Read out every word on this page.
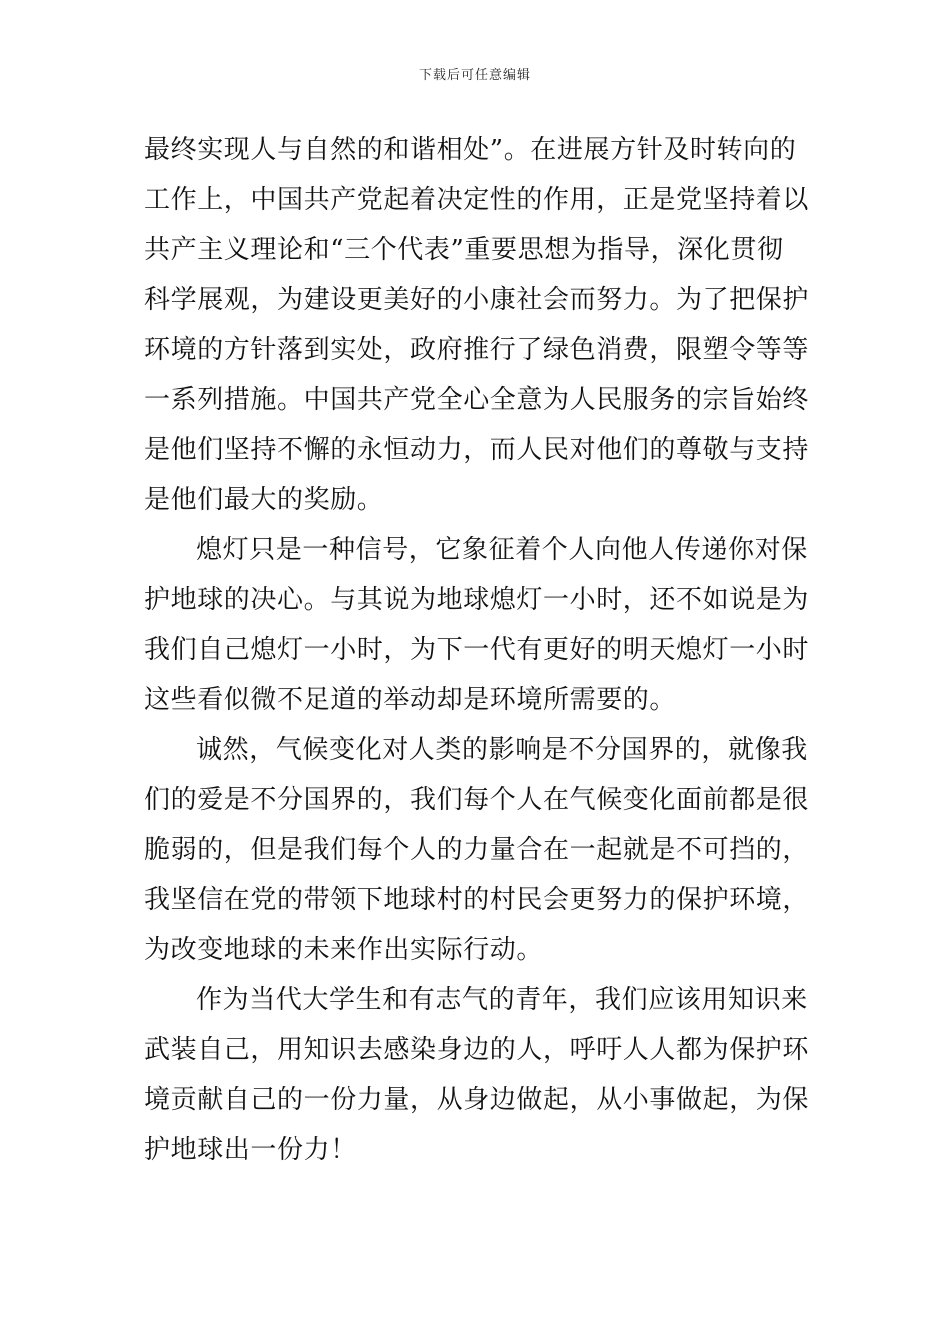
下载后可任意编辑
最终实现人与自然的和谐相处”。在进展方针及时转向的
工作上，中国共产党起着决定性的作用，正是党坚持着以
共产主义理论和“三个代表”重要思想为指导，深化贯彻
科学展观，为建设更美好的小康社会而努力。为了把保护
环境的方针落到实处，政府推行了绿色消费，限塑令等等
一系列措施。中国共产党全心全意为人民服务的宗旨始终
是他们坚持不懈的永恒动力，而人民对他们的尊敬与支持
是他们最大的奖励。
熄灯只是一种信号，它象征着个人向他人传递你对保
护地球的决心。与其说为地球熄灯一小时，还不如说是为
我们自己熄灯一小时，为下一代有更好的明天熄灯一小时
这些看似微不足道的举动却是环境所需要的。
诚然，气候变化对人类的影响是不分国界的，就像我
们的爱是不分国界的，我们每个人在气候变化面前都是很
脆弱的，但是我们每个人的力量合在一起就是不可挡的，
我坚信在党的带领下地球村的村民会更努力的保护环境，
为改变地球的未来作出实际行动。
作为当代大学生和有志气的青年，我们应该用知识来
武装自己，用知识去感染身边的人，呼吁人人都为保护环
境贡献自己的一份力量，从身边做起，从小事做起，为保
护地球出一份力！
